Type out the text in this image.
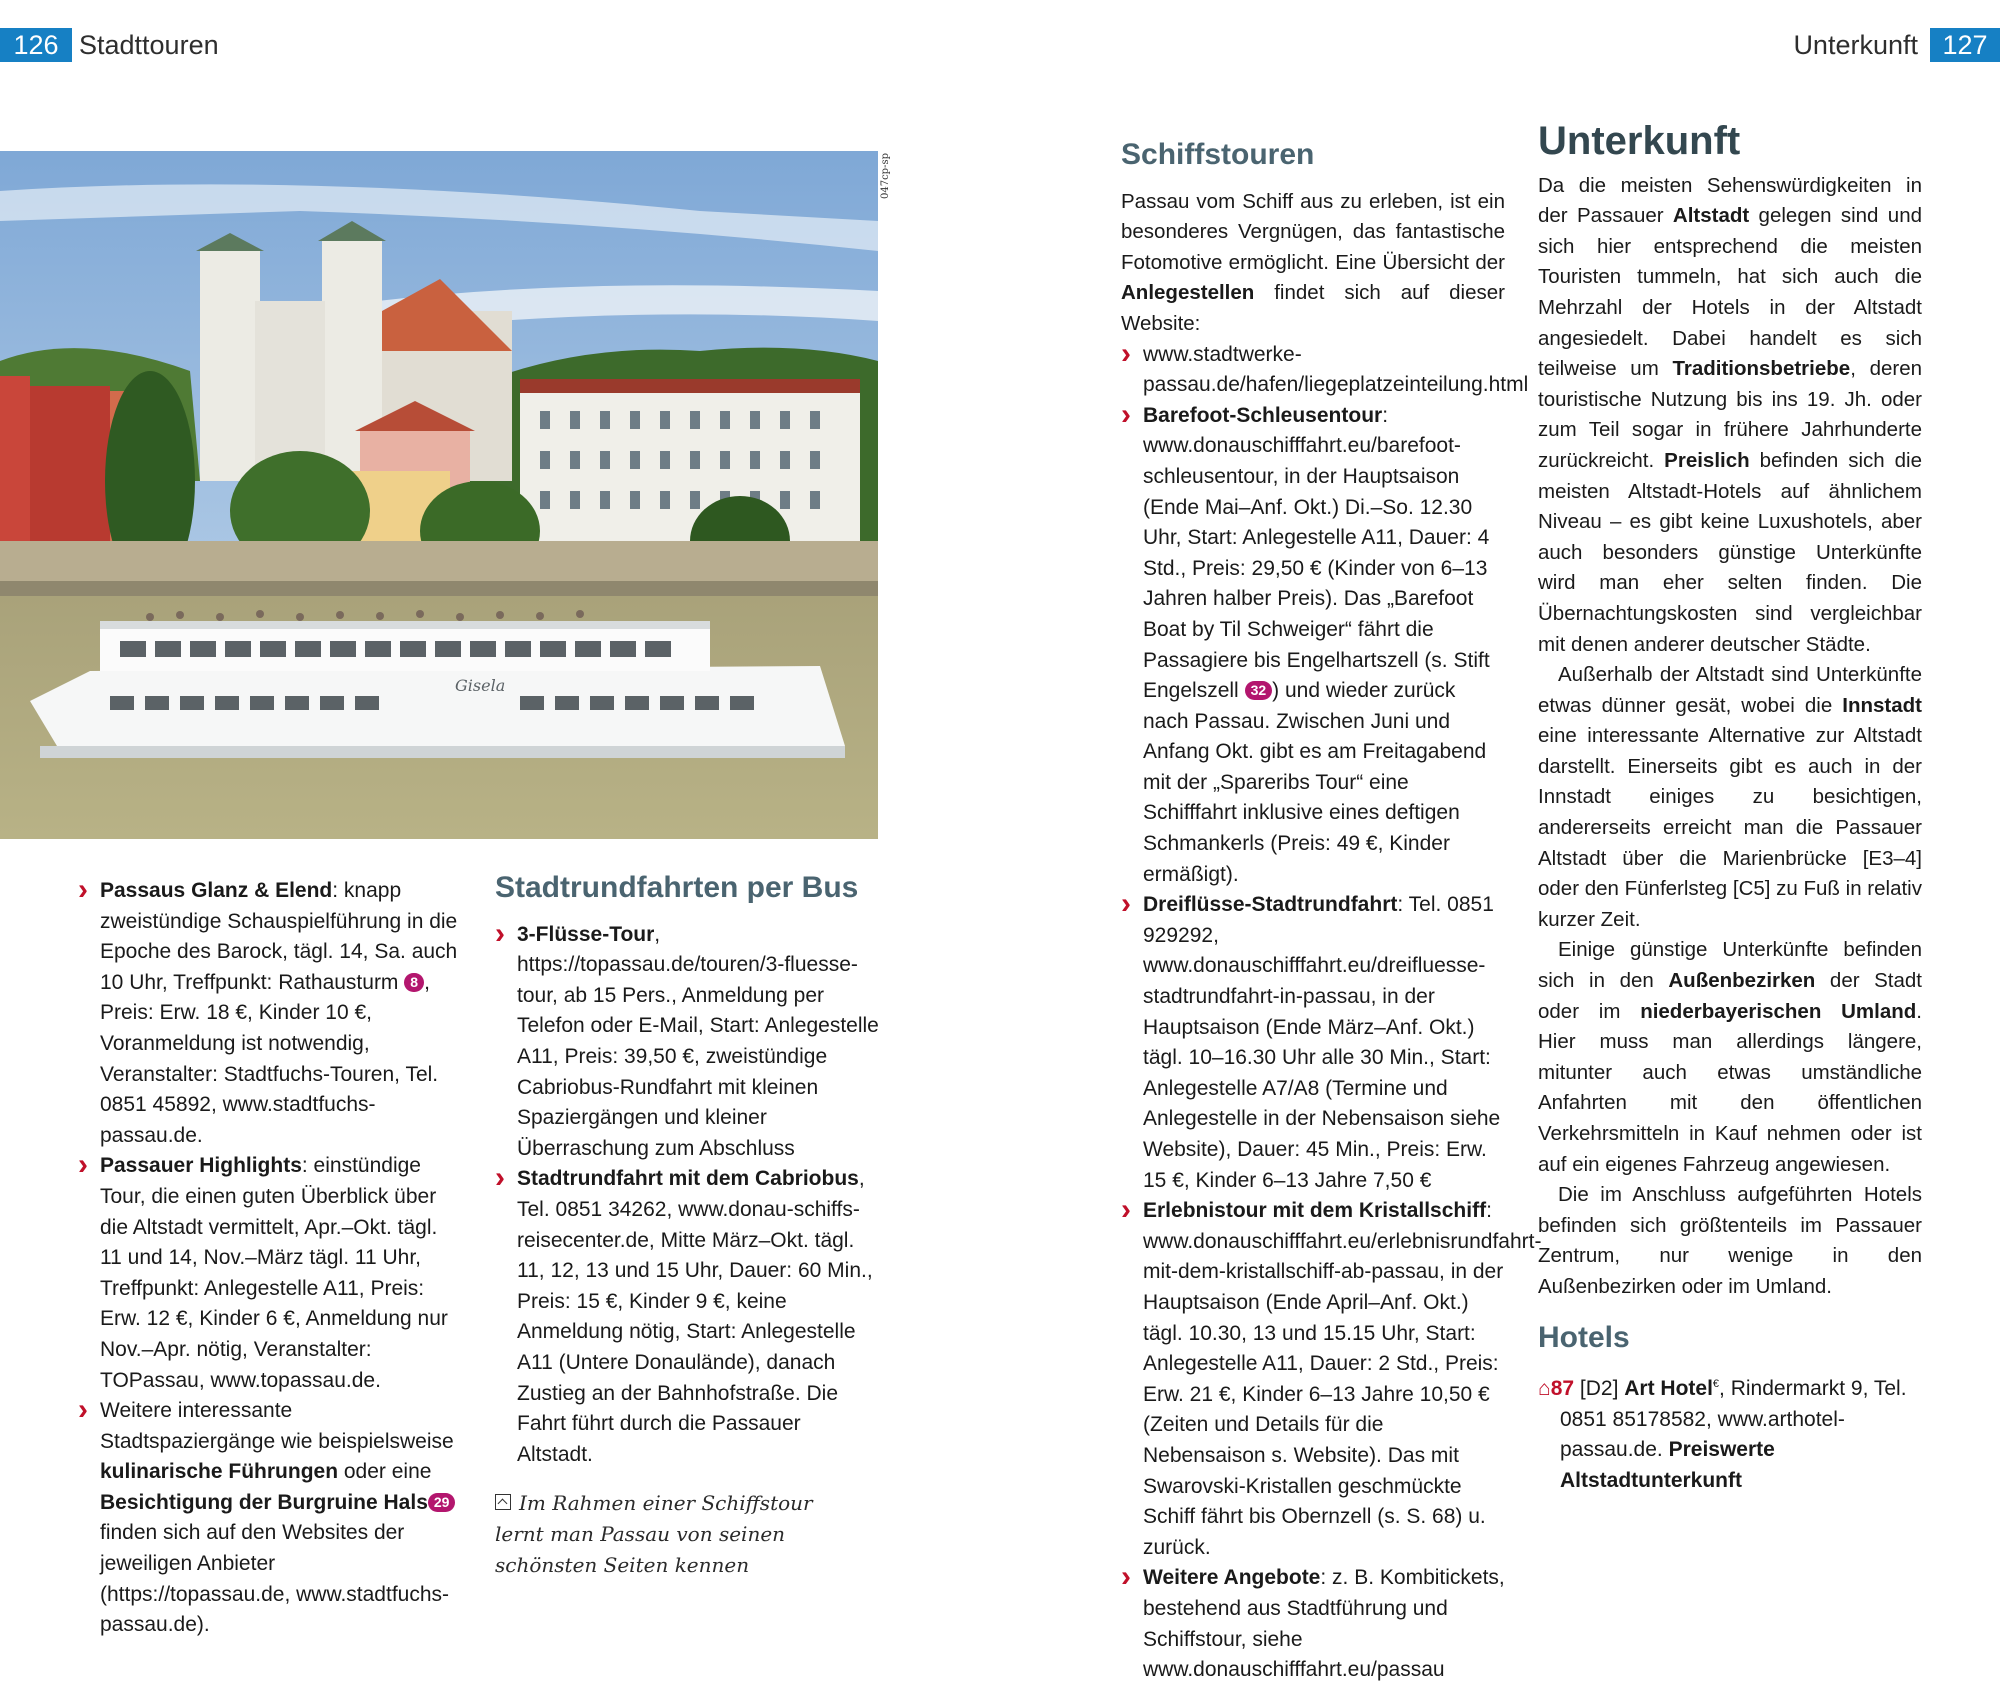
126 Stadttouren	Unterkunft 127
Gisela
047cp-sp
› Passaus Glanz & Elend: knapp zweistündige Schauspielführung in die Epoche des Barock, tägl. 14, Sa. auch 10 Uhr, Treffpunkt: Rathausturm 8 , Preis: Erw. 18 €, Kinder 10 €, Voranmeldung ist notwendig, Veranstalter: Stadtfuchs-Touren, Tel. 0851 45892, www.stadtfuchs-passau.de.
› Passauer Highlights: einstündige Tour, die einen guten Überblick über die Altstadt vermittelt, Apr.–Okt. tägl. 11 und 14, Nov.–März tägl. 11 Uhr, Treffpunkt: Anlegestelle A11, Preis: Erw. 12 €, Kinder 6 €, Anmeldung nur Nov.–Apr. nötig, Veranstalter: TOPassau, www.topassau.de.
› Weitere interessante Stadtspaziergänge wie beispielsweise kulinarische Führungen oder eine Besichtigung der Burgruine Hals 29 finden sich auf den Websites der jeweiligen Anbieter (https://topassau.de, www.stadtfuchs-passau.de).
Stadtrundfahrten per Bus
› 3-Flüsse-Tour, https://topassau.de/touren/3-fluesse-tour, ab 15 Pers., Anmeldung per Telefon oder E-Mail, Start: Anlegestelle A11, Preis: 39,50 €, zweistündige Cabriobus-Rundfahrt mit kleinen Spaziergängen und kleiner Überraschung zum Abschluss
› Stadtrundfahrt mit dem Cabriobus, Tel. 0851 34262, www.donau-schiffs-reisecenter.de, Mitte März–Okt. tägl. 11, 12, 13 und 15 Uhr, Dauer: 60 Min., Preis: 15 €, Kinder 9 €, keine Anmeldung nötig, Start: Anlegestelle A11 (Untere Donaulände), danach Zustieg an der Bahnhofstraße. Die Fahrt führt durch die Passauer Altstadt.
Im Rahmen einer Schiffstour lernt man Passau von seinen schönsten Seiten kennen
Schiffstouren

Passau vom Schiff aus zu erleben, ist ein besonderes Vergnügen, das fantastische Fotomotive ermöglicht. Eine Übersicht der Anlegestellen findet sich auf dieser Website:

› www.stadtwerke-passau.de/hafen/liegeplatzeinteilung.html
› Barefoot-Schleusentour: www.donauschifffahrt.eu/barefoot-schleusentour, in der Hauptsaison (Ende Mai–Anf. Okt.) Di.–So. 12.30 Uhr, Start: Anlegestelle A11, Dauer: 4 Std., Preis: 29,50 € (Kinder von 6–13 Jahren halber Preis). Das „Barefoot Boat by Til Schweiger“ fährt die Passagiere bis Engelhartszell (s. Stift Engelszell 32 ) und wieder zurück nach Passau. Zwischen Juni und Anfang Okt. gibt es am Freitagabend mit der „Spareribs Tour“ eine Schifffahrt inklusive eines deftigen Schmankerls (Preis: 49 €, Kinder ermäßigt).
› Dreiflüsse-Stadtrundfahrt: Tel. 0851 929292, www.donauschifffahrt.eu/dreifluesse-stadtrundfahrt-in-passau, in der Hauptsaison (Ende März–Anf. Okt.) tägl. 10–16.30 Uhr alle 30 Min., Start: Anlegestelle A7/A8 (Termine und Anlegestelle in der Nebensaison siehe Website), Dauer: 45 Min., Preis: Erw. 15 €, Kinder 6–13 Jahre 7,50 €
› Erlebnistour mit dem Kristallschiff: www.donauschifffahrt.eu/erlebnisrundfahrt-mit-dem-kristallschiff-ab-passau, in der Hauptsaison (Ende April–Anf. Okt.) tägl. 10.30, 13 und 15.15 Uhr, Start: Anlegestelle A11, Dauer: 2 Std., Preis: Erw. 21 €, Kinder 6–13 Jahre 10,50 € (Zeiten und Details für die Nebensaison s. Website). Das mit Swarovski-Kristallen geschmückte Schiff fährt bis Obernzell (s. S. 68) u. zurück.
› Weitere Angebote: z. B. Kombitickets, bestehend aus Stadtführung und Schiffstour, siehe www.donauschifffahrt.eu/passau
Unterkunft

Da die meisten Sehenswürdigkeiten in der Passauer Altstadt gelegen sind und sich hier entsprechend die meisten Touristen tummeln, hat sich auch die Mehrzahl der Hotels in der Altstadt angesiedelt. Dabei handelt es sich teilweise um Traditionsbetriebe, deren touristische Nutzung bis ins 19. Jh. oder zum Teil sogar in frühere Jahrhunderte zurückreicht. Preislich befinden sich die meisten Altstadt-Hotels auf ähnlichem Niveau – es gibt keine Luxushotels, aber auch besonders günstige Unterkünfte wird man eher selten finden. Die Übernachtungskosten sind vergleichbar mit denen anderer deutscher Städte.

Außerhalb der Altstadt sind Unterkünfte etwas dünner gesät, wobei die Innstadt eine interessante Alternative zur Altstadt darstellt. Einerseits gibt es auch in der Innstadt einiges zu besichtigen, andererseits erreicht man die Passauer Altstadt über die Marienbrücke [E3–4] oder den Fünferlsteg [C5] zu Fuß in relativ kurzer Zeit.

Einige günstige Unterkünfte befinden sich in den Außenbezirken der Stadt oder im niederbayerischen Umland. Hier muss man allerdings längere, mitunter auch etwas umständliche Anfahrten mit den öffentlichen Verkehrsmitteln in Kauf nehmen oder ist auf ein eigenes Fahrzeug angewiesen.

Die im Anschluss aufgeführten Hotels befinden sich größtenteils im Passauer Zentrum, nur wenige in den Außenbezirken oder im Umland.

Hotels

⌂87 [D2] Art Hotel€, Rindermarkt 9, Tel. 0851 85178582, www.arthotel-passau.de. Preiswerte Altstadtunterkunft
